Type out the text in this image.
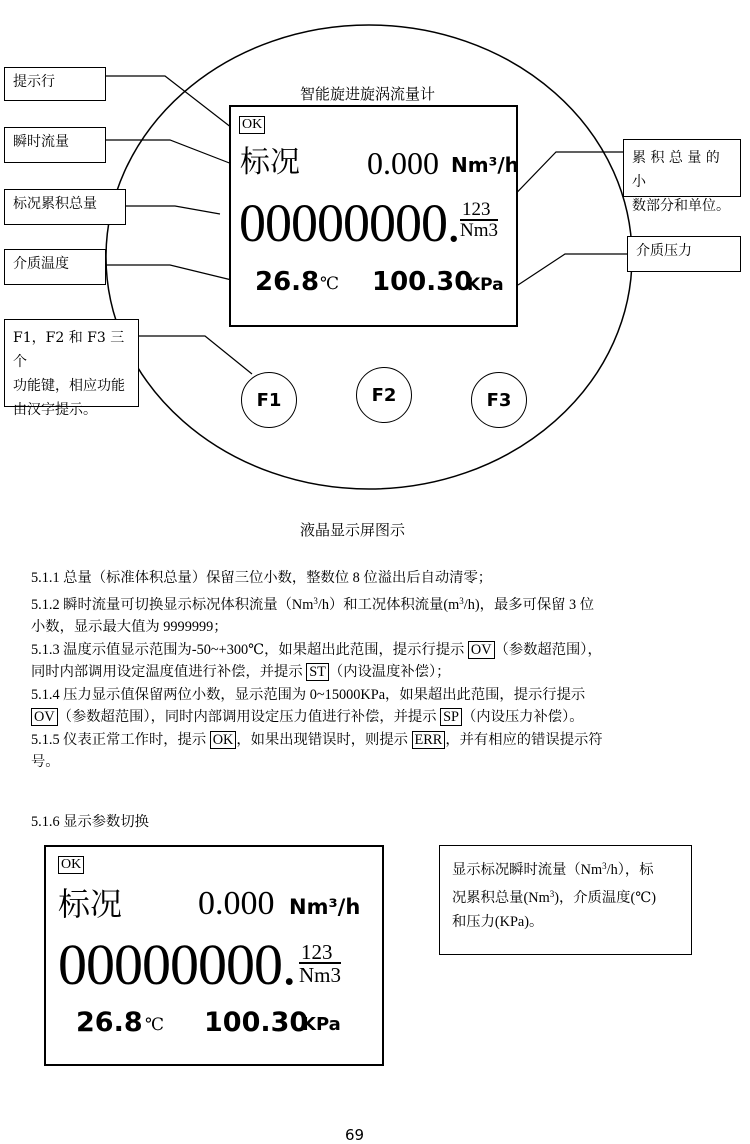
提示行
瞬时流量
标况累积总量
介质温度
F1，F2 和 F3 三个
功能键，相应功能
由汉字提示。
累 积 总 量 的 小
数部分和单位。
介质压力
智能旋进旋涡流量计
OK
标况 0.000 Nm³/h
00000000. 123
Nm3
26.8 ℃ 100.30
KPa
F1	F2	F3
液晶显示屏图示

5.1.1 总量（标准体积总量）保留三位小数，整数位 8 位溢出后自动清零；

5.1.2 瞬时流量可切换显示标况体积流量（Nm$^3$/h）和工况体积流量$(m^3/h)$，最多可保留 3 位

小数，显示最大值为 9999999；

5.1.3 温度示值显示范围为-50~+300℃，如果超出此范围，提示行提示 OV （参数超范围），

同时内部调用设定温度值进行补偿，并提示 ST （内设温度补偿）；

5.1.4 压力显示值保留两位小数，显示范围为 0~15000KPa，如果超出此范围，提示行提示

OV （参数超范围），同时内部调用设定压力值进行补偿，并提示 SP （内设压力补偿）。

5.1.5 仪表正常工作时，提示 OK ，如果出现错误时，则提示 ERR ，并有相应的错误提示符

号。

5.1.6 显示参数切换
OK
标况 0.000 Nm³/h
00000000. 123
Nm3
26.8 ℃ 100.30
KPa
显示标况瞬时流量（Nm$^3$/h），标
况累积总量(Nm$^3$)，介质温度(℃)
和压力(KPa)。
69
